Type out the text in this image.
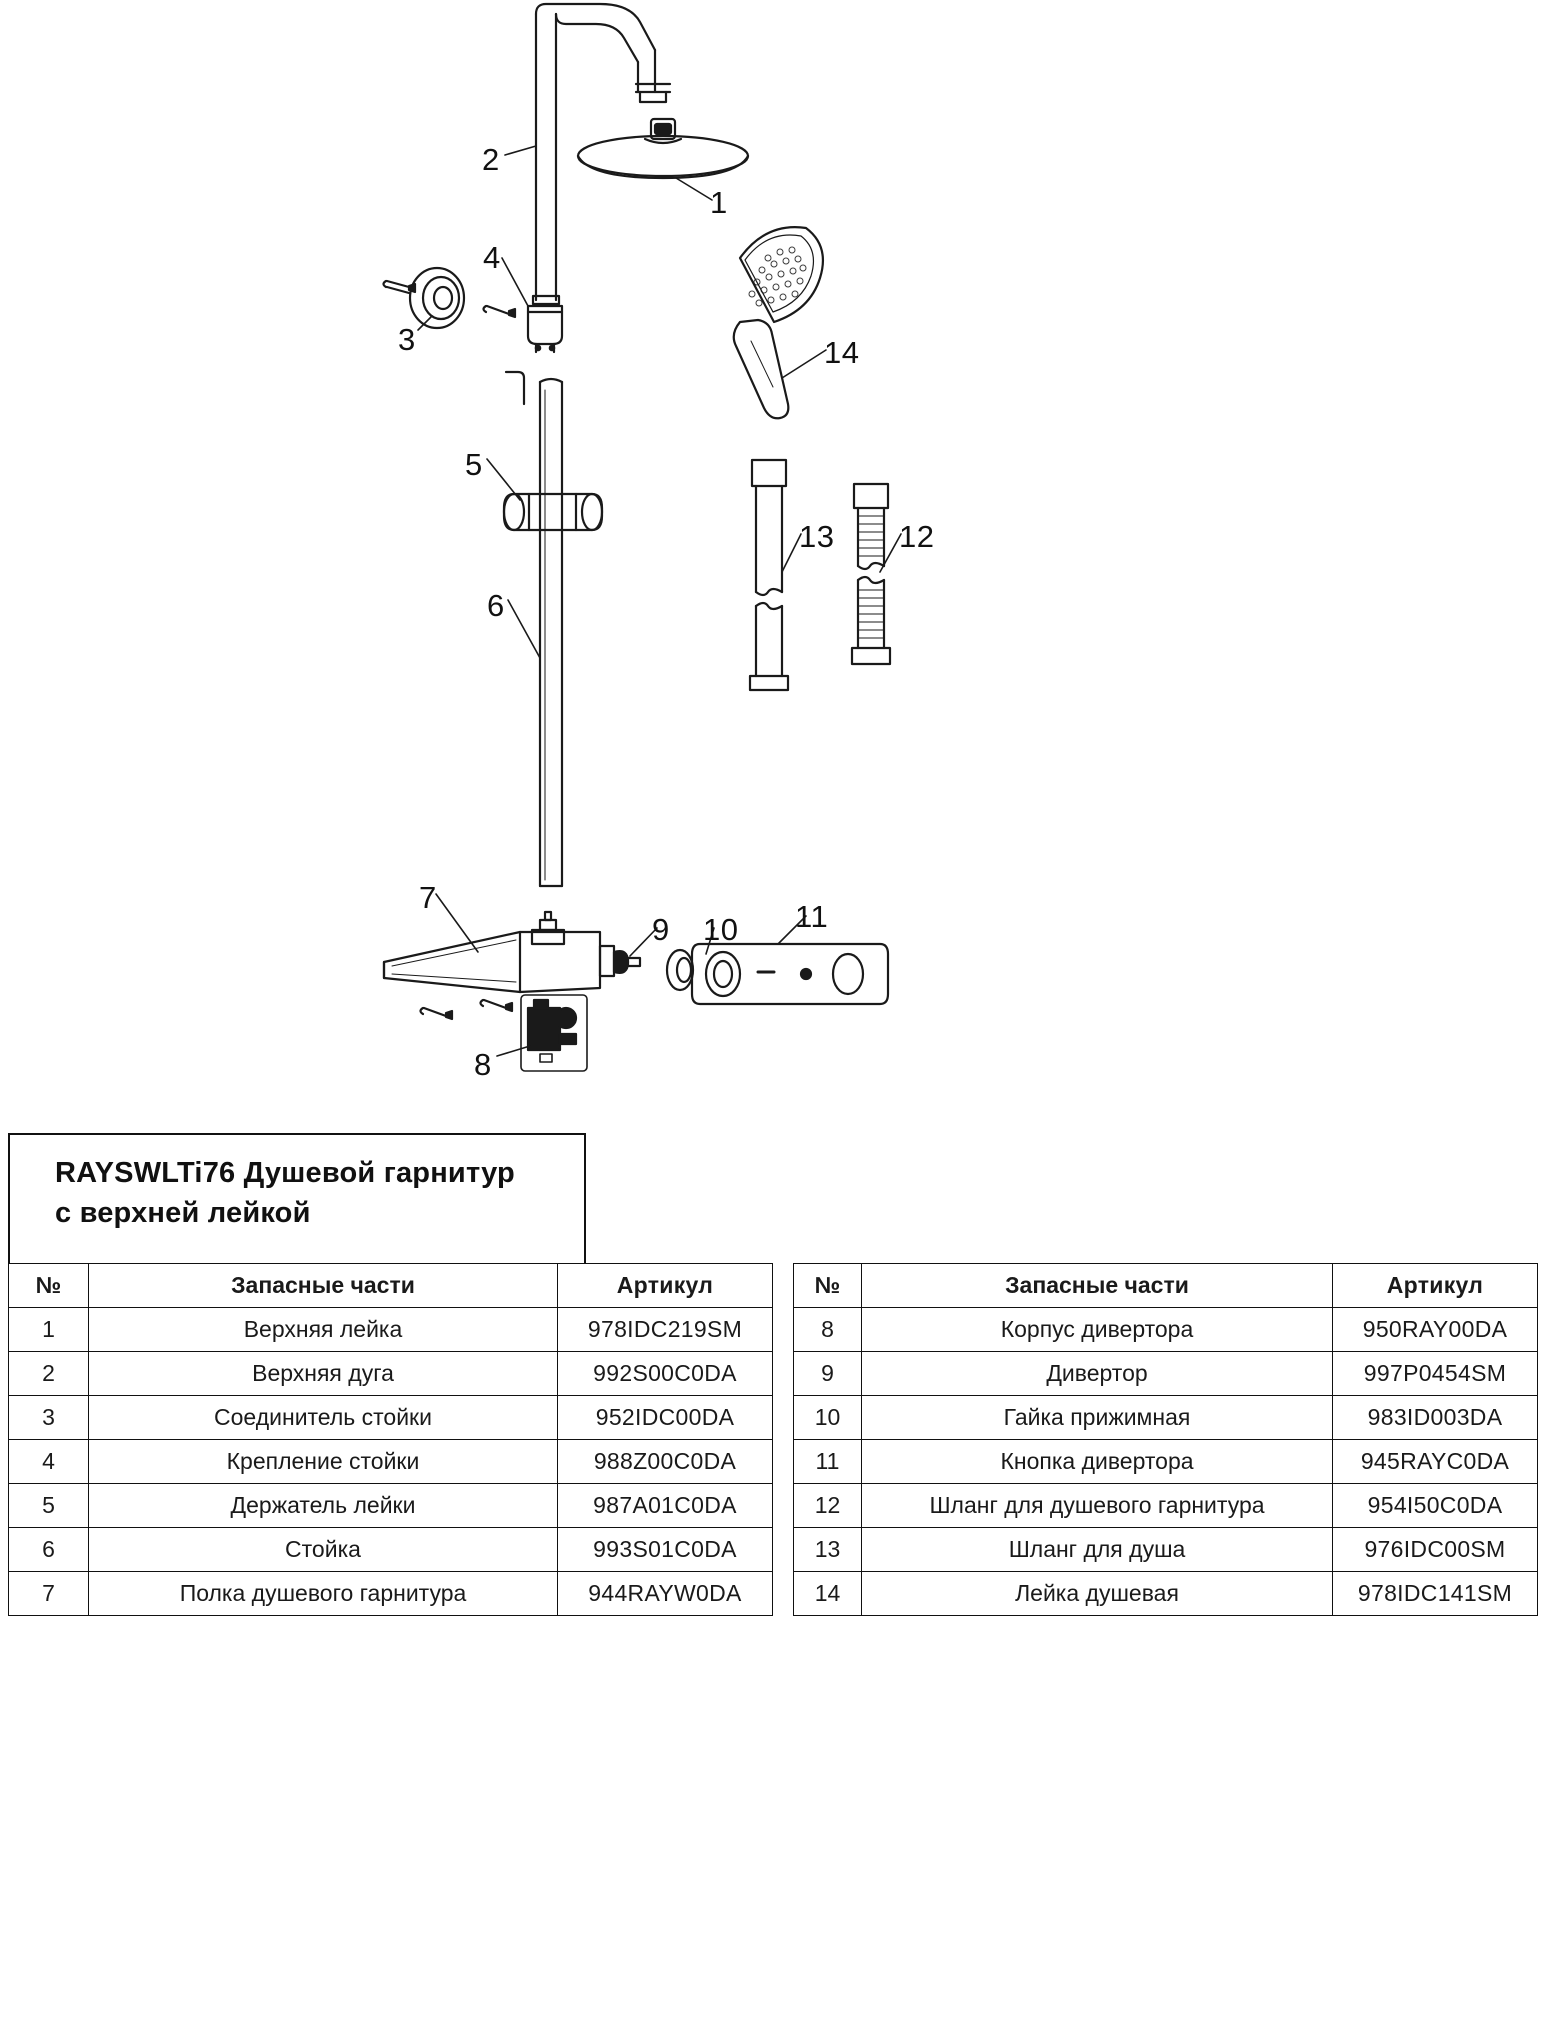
1
2
3
4
5
6
7
8
9 10 11
12
13
14
RAYSWLTi76 Душевой гарнитур
с верхней лейкой
№	Запасные части	Артикул
1	Верхняя лейка	978IDC219SM
2	Верхняя дуга	992S00C0DA
3	Соединитель стойки	952IDC00DA
4	Крепление стойки	988Z00C0DA
5	Держатель лейки	987A01C0DA
6	Стойка	993S01C0DA
7	Полка душевого гарнитура	944RAYW0DA
№	Запасные части	Артикул
8	Корпус дивертора	950RAY00DA
9	Дивертор	997P0454SM
10	Гайка прижимная	983ID003DA
11	Кнопка дивертора	945RAYC0DA
12	Шланг для душевого гарнитура	954I50C0DA
13	Шланг для душа	976IDC00SM
14	Лейка душевая	978IDC141SM
